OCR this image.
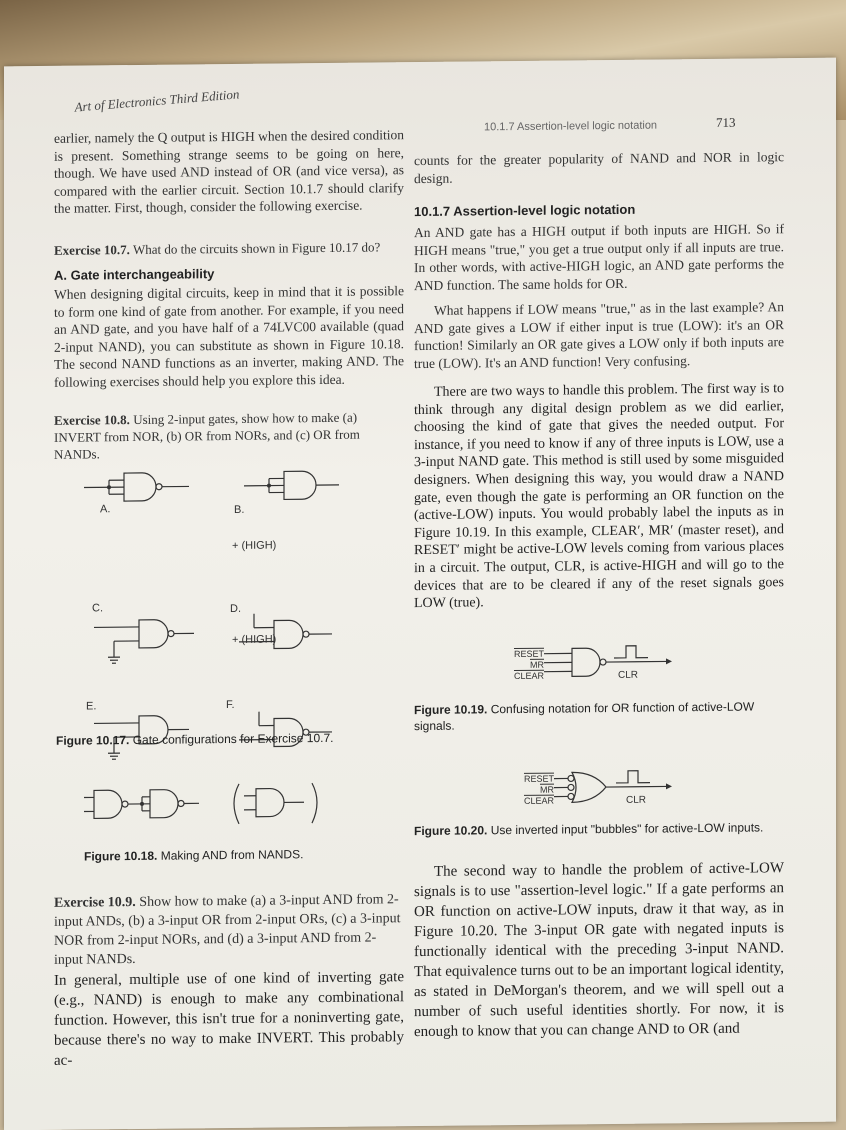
Art of Electronics Third Edition
10.1.7 Assertion-level logic notation	713

earlier, namely the Q output is HIGH when the desired condition is present. Something strange seems to be going on here, though. We have used AND instead of OR (and vice versa), as compared with the earlier circuit. Section 10.1.7 should clarify the matter. First, though, consider the following exercise.

Exercise 10.7. What do the circuits shown in Figure 10.17 do?
A. Gate interchangeability

When designing digital circuits, keep in mind that it is possible to form one kind of gate from another. For example, if you need an AND gate, and you have half of a 74LVC00 available (quad 2-input NAND), you can substitute as shown in Figure 10.18. The second NAND functions as an inverter, making AND. The following exercises should help you explore this idea.

Exercise 10.8. Using 2-input gates, show how to make (a) INVERT from NOR, (b) OR from NORs, and (c) OR from NANDs.
A.	B.
+ (HIGH)
C.	D.
+ (HIGH)
E.	F.
Figure 10.17. Gate configurations for Exercise 10.7.
Figure 10.18. Making AND from NANDS.
Exercise 10.9. Show how to make (a) a 3-input AND from 2-input ANDs, (b) a 3-input OR from 2-input ORs, (c) a 3-input NOR from 2-input NORs, and (d) a 3-input AND from 2-input NANDs.

In general, multiple use of one kind of inverting gate (e.g., NAND) is enough to make any combinational function. However, this isn't true for a noninverting gate, because there's no way to make INVERT. This probably ac-

counts for the greater popularity of NAND and NOR in logic design.

10.1.7 Assertion-level logic notation

An AND gate has a HIGH output if both inputs are HIGH. So if HIGH means "true," you get a true output only if all inputs are true. In other words, with active-HIGH logic, an AND gate performs the AND function. The same holds for OR.

What happens if LOW means "true," as in the last example? An AND gate gives a LOW if either input is true (LOW): it's an OR function! Similarly an OR gate gives a LOW only if both inputs are true (LOW). It's an AND function! Very confusing.

There are two ways to handle this problem. The first way is to think through any digital design problem as we did earlier, choosing the kind of gate that gives the needed output. For instance, if you need to know if any of three inputs is LOW, use a 3-input NAND gate. This method is still used by some misguided designers. When designing this way, you would draw a NAND gate, even though the gate is performing an OR function on the (active-LOW) inputs. You would probably label the inputs as in Figure 10.19. In this example, CLEAR′, MR′ (master reset), and RESET′ might be active-LOW levels coming from various places in a circuit. The output, CLR, is active-HIGH and will go to the devices that are to be cleared if any of the reset signals goes LOW (true).

RESET
MR
CLEAR	CLR
Figure 10.19. Confusing notation for OR function of active-LOW signals.
RESET
MR
CLEAR	CLR
Figure 10.20. Use inverted input "bubbles" for active-LOW inputs.

The second way to handle the problem of active-LOW signals is to use "assertion-level logic." If a gate performs an OR function on active-LOW inputs, draw it that way, as in Figure 10.20. The 3-input OR gate with negated inputs is functionally identical with the preceding 3-input NAND. That equivalence turns out to be an important logical identity, as stated in DeMorgan's theorem, and we will spell out a number of such useful identities shortly. For now, it is enough to know that you can change AND to OR (and
